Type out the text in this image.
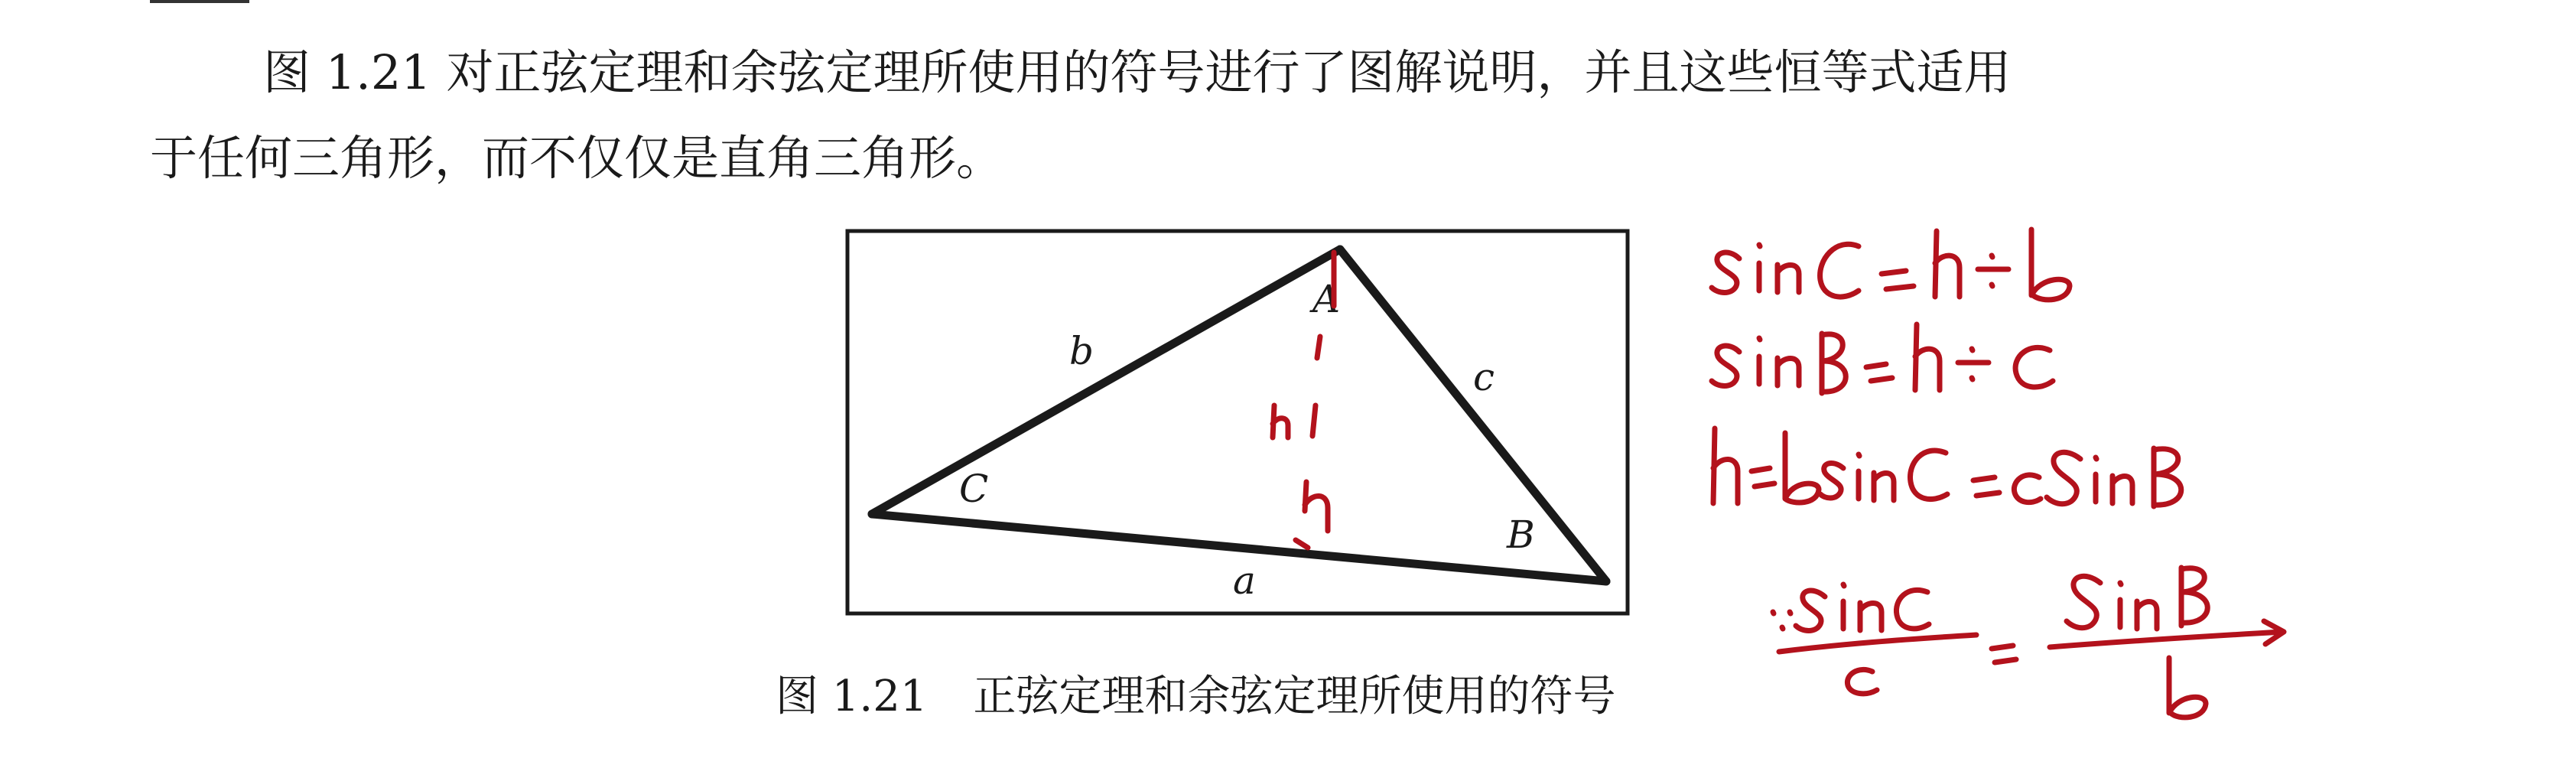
图 1.21 对正弦定理和余弦定理所使用的符号进行了图解说明，并且这些恒等式适用
于任何三角形，而不仅仅是直角三角形。
A
B
C
a
b
c
图 1.21 正弦定理和余弦定理所使用的符号
